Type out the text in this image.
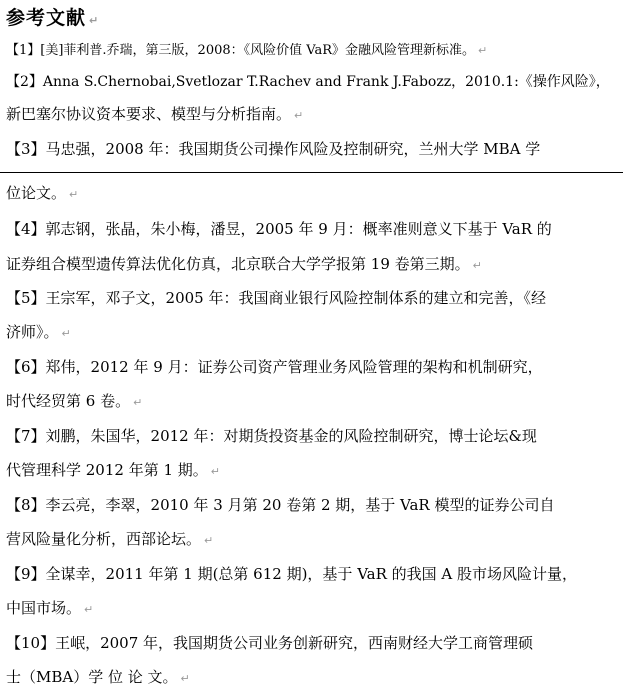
参考文献 ↵
【1】[美]菲利普.乔瑞，第三版，2008：《风险价值 VaR》金融风险管理新标准。 ↵
【2】Anna S.Chernobai,Svetlozar T.Rachev and Frank J.Fabozz，2010.1:《操作风险》，
新巴塞尔协议资本要求、模型与分析指南。 ↵
【3】马忠强，2008 年：我国期货公司操作风险及控制研究，兰州大学 MBA 学
位论文。 ↵
【4】郭志钢，张晶，朱小梅，潘昱，2005 年 9 月：概率准则意义下基于 VaR 的
证券组合模型遗传算法优化仿真，北京联合大学学报第 19 卷第三期。 ↵
【5】王宗军，邓子文，2005 年：我国商业银行风险控制体系的建立和完善，《经
济师》。 ↵
【6】郑伟，2012 年 9 月：证券公司资产管理业务风险管理的架构和机制研究，
时代经贸第 6 卷。 ↵
【7】刘鹏，朱国华，2012 年：对期货投资基金的风险控制研究，博士论坛&现
代管理科学 2012 年第 1 期。 ↵
【8】李云亮，李翠，2010 年 3 月第 20 卷第 2 期，基于 VaR 模型的证券公司自
营风险量化分析，西部论坛。 ↵
【9】全谋幸，2011 年第 1 期(总第 612 期)，基于 VaR 的我国 A 股市场风险计量，
中国市场。 ↵
【10】王岷，2007 年，我国期货公司业务创新研究，西南财经大学工商管理硕
士（MBA）学 位 论 文。 ↵
